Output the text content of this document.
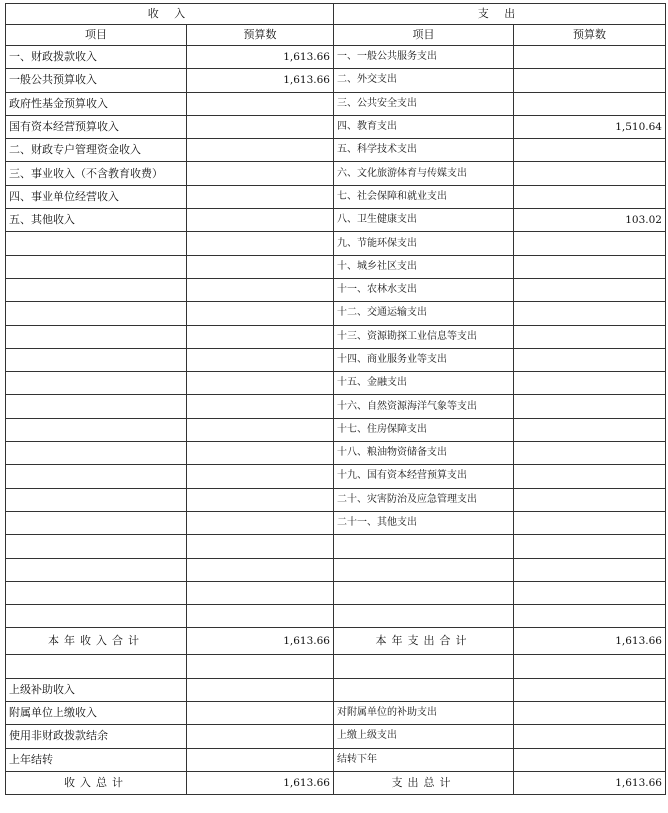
收 入		支 出	
项目	预算数	项目	预算数
一、财政拨款收入	1,613.66	一、一般公共服务支出	
一般公共预算收入	1,613.66	二、外交支出	
政府性基金预算收入		三、公共安全支出	
国有资本经营预算收入		四、教育支出	1,510.64
二、财政专户管理资金收入		五、科学技术支出	
三、事业收入（不含教育收费）		六、文化旅游体育与传媒支出	
四、事业单位经营收入		七、社会保障和就业支出	
五、其他收入		八、卫生健康支出	103.02
		九、节能环保支出	
		十、城乡社区支出	
		十一、农林水支出	
		十二、交通运输支出	
		十三、资源勘探工业信息等支出	
		十四、商业服务业等支出	
		十五、金融支出	
		十六、自然资源海洋气象等支出	
		十七、住房保障支出	
		十八、粮油物资储备支出	
		十九、国有资本经营预算支出	
		二十、灾害防治及应急管理支出	
		二十一、其他支出	

本年收入合计	1,613.66	本年支出合计	1,613.66

上级补助收入			
附属单位上缴收入		对附属单位的补助支出	
使用非财政拨款结余		上缴上级支出	
上年结转		结转下年	
收入总计	1,613.66	支出总计	1,613.66
